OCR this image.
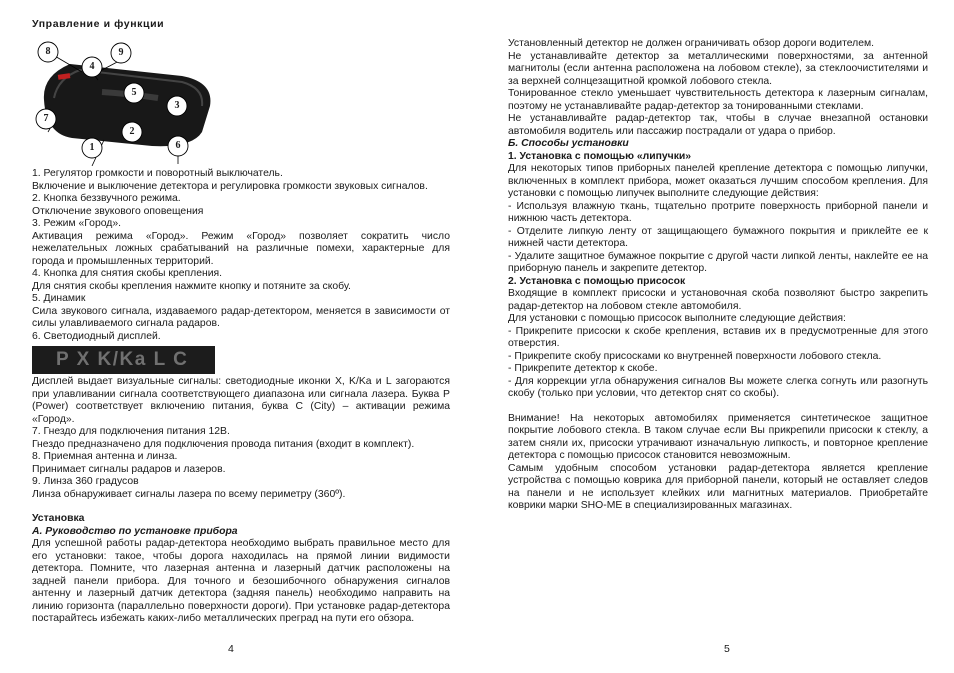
Управление и функции
8	9
4
5
3
7
2
1	6

1. Регулятор громкости и поворотный выключатель.

Включение и выключение детектора и регулировка громкости звуковых сигналов.

2. Кнопка беззвучного режима.

Отключение звукового оповещения

3. Режим «Город».

Активация режима «Город». Режим «Город» позволяет сократить число нежелательных ложных срабатываний на различные помехи, характерные для города и промышленных территорий.

4. Кнопка для снятия скобы крепления.

Для снятия скобы крепления нажмите кнопку и потяните за скобу.

5. Динамик

Сила звукового сигнала, издаваемого радар-детектором, меняется в зависимости от силы улавливаемого сигнала радаров.

6. Светодиодный дисплей.

P X K/Ka L C

Дисплей выдает визуальные сигналы: светодиодные иконки X, K/Ka и L загораются при улавливании сигнала соответствующего диапазона или сигнала лазера. Буква P (Power) соответствует включению питания, буква C (City) – активации режима «Город».

7. Гнездо для подключения питания 12В.

Гнездо предназначено для подключения провода питания (входит в комплект).

8. Приемная антенна и линза.

Принимает сигналы радаров и лазеров.

9. Линза 360 градусов

Линза обнаруживает сигналы лазера по всему периметру (360º).

Установка

А. Руководство по установке прибора

Для успешной работы радар-детектора необходимо выбрать правильное место для его установки: такое, чтобы дорога находилась на прямой линии видимости детектора. Помните, что лазерная антенна и лазерный датчик расположены на задней панели прибора. Для точного и безошибочного обнаружения сигналов антенну и лазерный датчик детектора (задняя панель) необходимо направить на линию горизонта (параллельно поверхности дороги). При установке радар-детектора постарайтесь избежать каких-либо металлических преград на пути его обзора.

4

Установленный детектор не должен ограничивать обзор дороги водителем.

Не устанавливайте детектор за металлическими поверхностями, за антенной магнитолы (если антенна расположена на лобовом стекле), за стеклоочистителями и за верхней солнцезащитной кромкой лобового стекла.

Тонированное стекло уменьшает чувствительность детектора к лазерным сигналам, поэтому не устанавливайте радар-детектор за тонированными стеклами.

Не устанавливайте радар-детектор так, чтобы в случае внезапной остановки автомобиля водитель или пассажир пострадали от удара о прибор.

Б. Способы установки

1. Установка с помощью «липучки»

Для некоторых типов приборных панелей крепление детектора с помощью липучки, включенных в комплект прибора, может оказаться лучшим способом крепления. Для установки с помощью липучек выполните следующие действия:

- Используя влажную ткань, тщательно протрите поверхность приборной панели и нижнюю часть детектора.

- Отделите липкую ленту от защищающего бумажного покрытия и приклейте ее к нижней части детектора.

- Удалите защитное бумажное покрытие с другой части липкой ленты, наклейте ее на приборную панель и закрепите детектор.

2. Установка с помощью присосок

Входящие в комплект присоски и установочная скоба позволяют быстро закрепить радар-детектор на лобовом стекле автомобиля.

Для установки с помощью присосок выполните следующие действия:

- Прикрепите присоски к скобе крепления, вставив их в предусмотренные для этого отверстия.

- Прикрепите скобу присосками ко внутренней поверхности лобового стекла.

- Прикрепите детектор к скобе.

- Для коррекции угла обнаружения сигналов Вы можете слегка согнуть или разогнуть скобу (только при условии, что детектор снят со скобы).

Внимание! На некоторых автомобилях применяется синтетическое защитное покрытие лобового стекла. В таком случае если Вы прикрепили присоски к стеклу, а затем сняли их, присоски утрачивают изначальную липкость, и повторное крепление детектора с помощью присосок становится невозможным.

Самым удобным способом установки радар-детектора является крепление устройства с помощью коврика для приборной панели, который не оставляет следов на панели и не использует клейких или магнитных материалов. Приобретайте коврики марки SHO-ME в специализированных магазинах.

5
